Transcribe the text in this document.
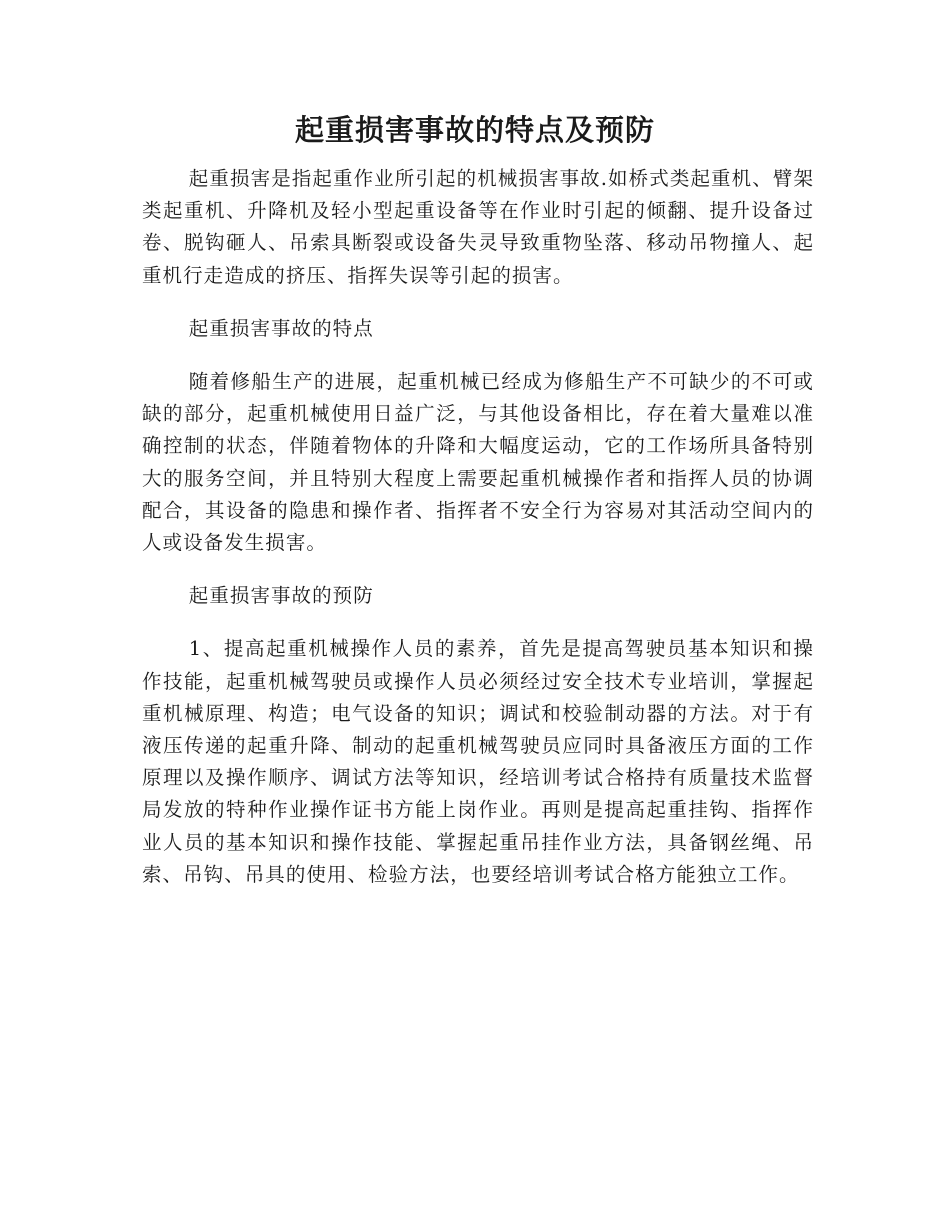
起重损害事故的特点及预防

起重损害是指起重作业所引起的机械损害事故.如桥式类起重机、臂架类起重机、升降机及轻小型起重设备等在作业时引起的倾翻、提升设备过卷、脱钩砸人、吊索具断裂或设备失灵导致重物坠落、移动吊物撞人、起重机行走造成的挤压、指挥失误等引起的损害。

起重损害事故的特点

随着修船生产的进展，起重机械已经成为修船生产不可缺少的不可或缺的部分，起重机械使用日益广泛，与其他设备相比，存在着大量难以准确控制的状态，伴随着物体的升降和大幅度运动，它的工作场所具备特别大的服务空间，并且特别大程度上需要起重机械操作者和指挥人员的协调配合，其设备的隐患和操作者、指挥者不安全行为容易对其活动空间内的人或设备发生损害。

起重损害事故的预防

1、提高起重机械操作人员的素养，首先是提高驾驶员基本知识和操作技能，起重机械驾驶员或操作人员必须经过安全技术专业培训，掌握起重机械原理、构造；电气设备的知识；调试和校验制动器的方法。对于有液压传递的起重升降、制动的起重机械驾驶员应同时具备液压方面的工作原理以及操作顺序、调试方法等知识，经培训考试合格持有质量技术监督局发放的特种作业操作证书方能上岗作业。再则是提高起重挂钩、指挥作业人员的基本知识和操作技能、掌握起重吊挂作业方法，具备钢丝绳、吊索、吊钩、吊具的使用、检验方法，也要经培训考试合格方能独立工作。
